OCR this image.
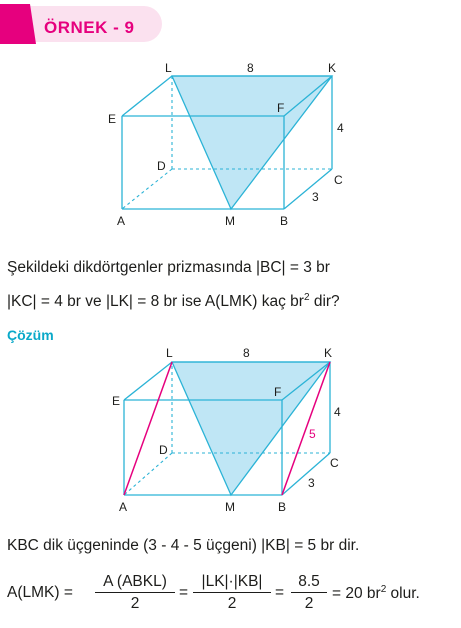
ÖRNEK - 9
L	K
E
F
D
C
A	M	B
8
4
3
Şekildeki dikdörtgenler prizmasında |BC| = 3 br
|KC| = 4 br ve |LK| = 8 br ise A(LMK) kaç $br^2$ dir?
Çözüm
L	K
E
F
D
C
A	M	B
8
4
3
5
KBC dik üçgeninde (3 - 4 - 5 üçgeni) |KB| = 5 br dir.
A(LMK) =
A (ABKL)
2
= $\frac{|LK|\cdot|KB|}{2} = \frac{8.5}{2} = 20$ $br^2$ olur.
